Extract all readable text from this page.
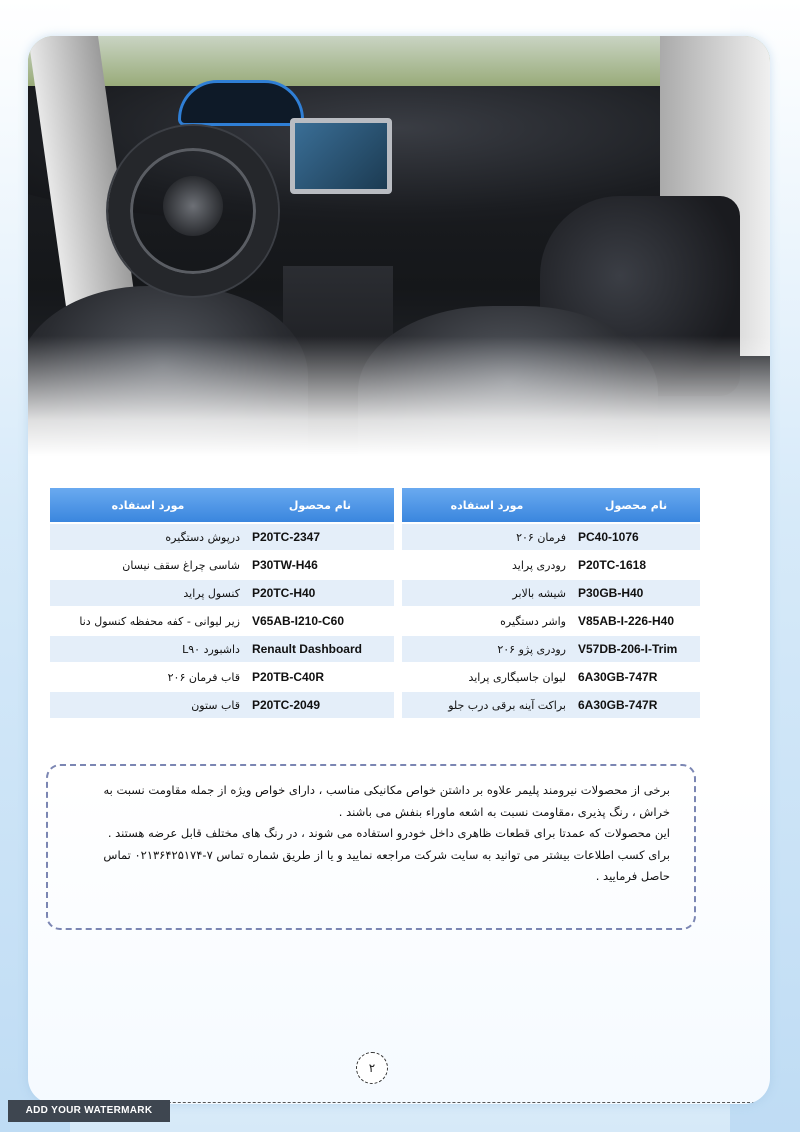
مورد استفاده	نام محصول
درپوش دستگیره	P20TC-2347
شاسی چراغ سقف نیسان	P30TW-H46
کنسول پراید	P20TC-H40
زیر لیوانی - کفه محفظه کنسول دنا	V65AB-I210-C60
داشبورد L۹۰	Renault Dashboard
قاب فرمان ۲۰۶	P20TB-C40R
قاب ستون	P20TC-2049
مورد استفاده	نام محصول
فرمان ۲۰۶	PC40-1076
رودری پراید	P20TC-1618
شیشه بالابر	P30GB-H40
واشر دستگیره	V85AB-I-226-H40
رودری پژو ۲۰۶	V57DB-206-I-Trim
لیوان جاسیگاری پراید	6A30GB-747R
براکت آینه برقی درب جلو	6A30GB-747R

برخی از محصولات نیرومند پلیمر علاوه بر داشتن خواص مکانیکی مناسب ، دارای خواص ویژه از جمله مقاومت نسبت به

خراش ، رنگ پذیری ،مقاومت نسبت به اشعه ماوراء بنفش می باشند .

این محصولات که عمدتا برای قطعات ظاهری داخل خودرو استفاده می شوند ، در رنگ های مختلف قابل عرضه هستند .

برای کسب اطلاعات بیشتر می توانید به سایت شرکت مراجعه نمایید و یا از طریق شماره تماس ۷-۰۲۱۳۶۴۲۵۱۷۴ تماس

حاصل فرمایید .

۲
ADD YOUR WATERMARK
